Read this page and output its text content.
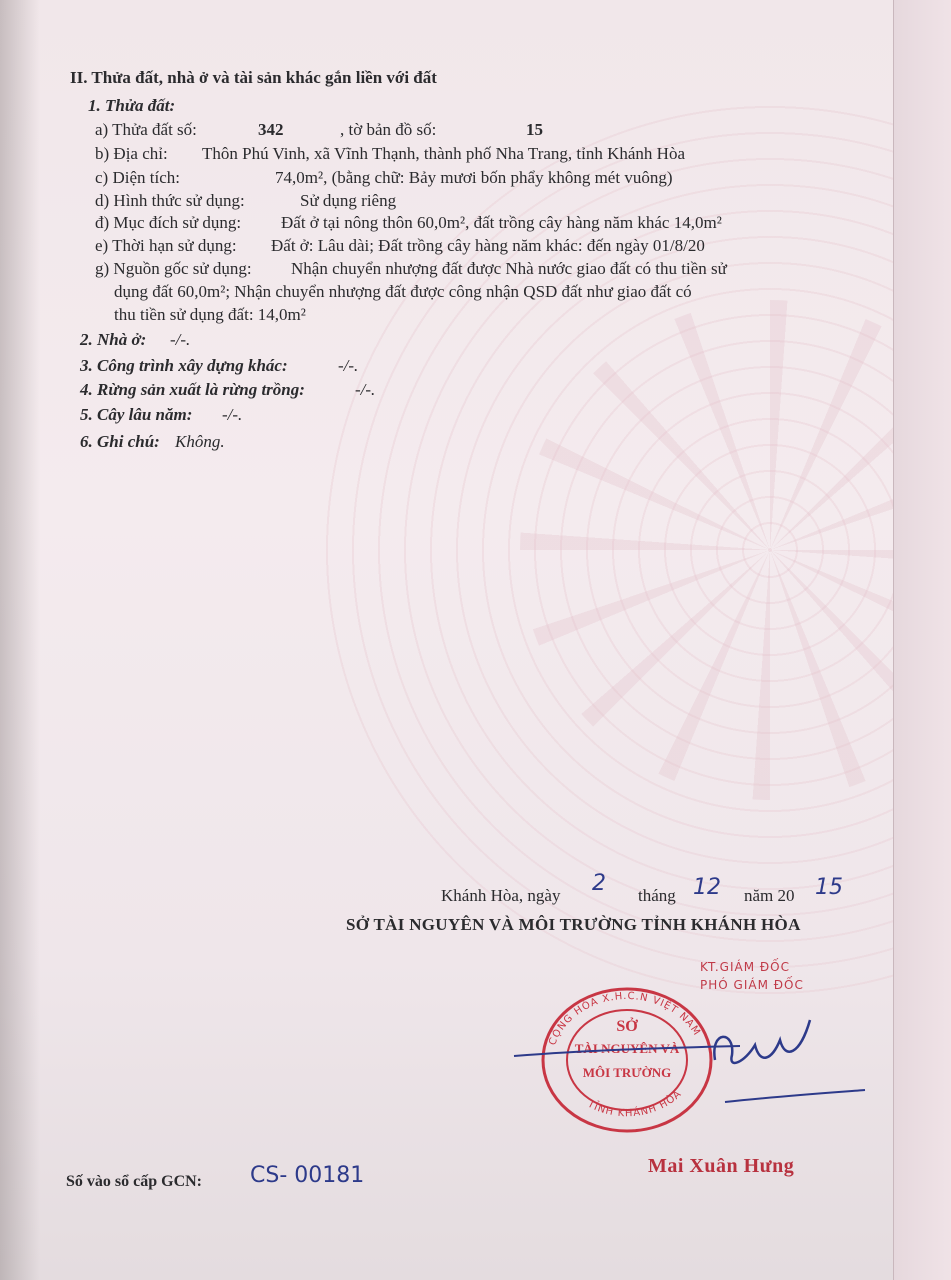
II. Thửa đất, nhà ở và tài sản khác gắn liền với đất
1. Thửa đất:
a) Thửa đất số:	342	, tờ bản đồ số:	15
b) Địa chỉ: Thôn Phú Vinh, xã Vĩnh Thạnh, thành phố Nha Trang, tỉnh Khánh Hòa
c) Diện tích:	74,0m², (bằng chữ: Bảy mươi bốn phẩy không mét vuông)
d) Hình thức sử dụng:	Sử dụng riêng
đ) Mục đích sử dụng: Đất ở tại nông thôn 60,0m², đất trồng cây hàng năm khác 14,0m²
e) Thời hạn sử dụng: Đất ở: Lâu dài; Đất trồng cây hàng năm khác: đến ngày 01/8/20
g) Nguồn gốc sử dụng: Nhận chuyển nhượng đất được Nhà nước giao đất có thu tiền sử
dụng đất 60,0m²; Nhận chuyển nhượng đất được công nhận QSD đất như giao đất có
thu tiền sử dụng đất: 14,0m²
2. Nhà ở: -/-.
3. Công trình xây dựng khác:	-/-.
4. Rừng sản xuất là rừng trồng:	-/-.
5. Cây lâu năm: -/-.
6. Ghi chú: Không.
Khánh Hòa, ngày 2 tháng 12 năm 20 15
SỞ TÀI NGUYÊN VÀ MÔI TRƯỜNG TỈNH KHÁNH HÒA
KT.GIÁM ĐỐC
PHÓ GIÁM ĐỐC
CỘNG HÒA X.H.C.N VIỆT NAM
TỈNH KHÁNH HÒA
SỞ
TÀI NGUYÊN VÀ
MÔI TRƯỜNG
Mai Xuân Hưng
Số vào sổ cấp GCN: CS- 00181
